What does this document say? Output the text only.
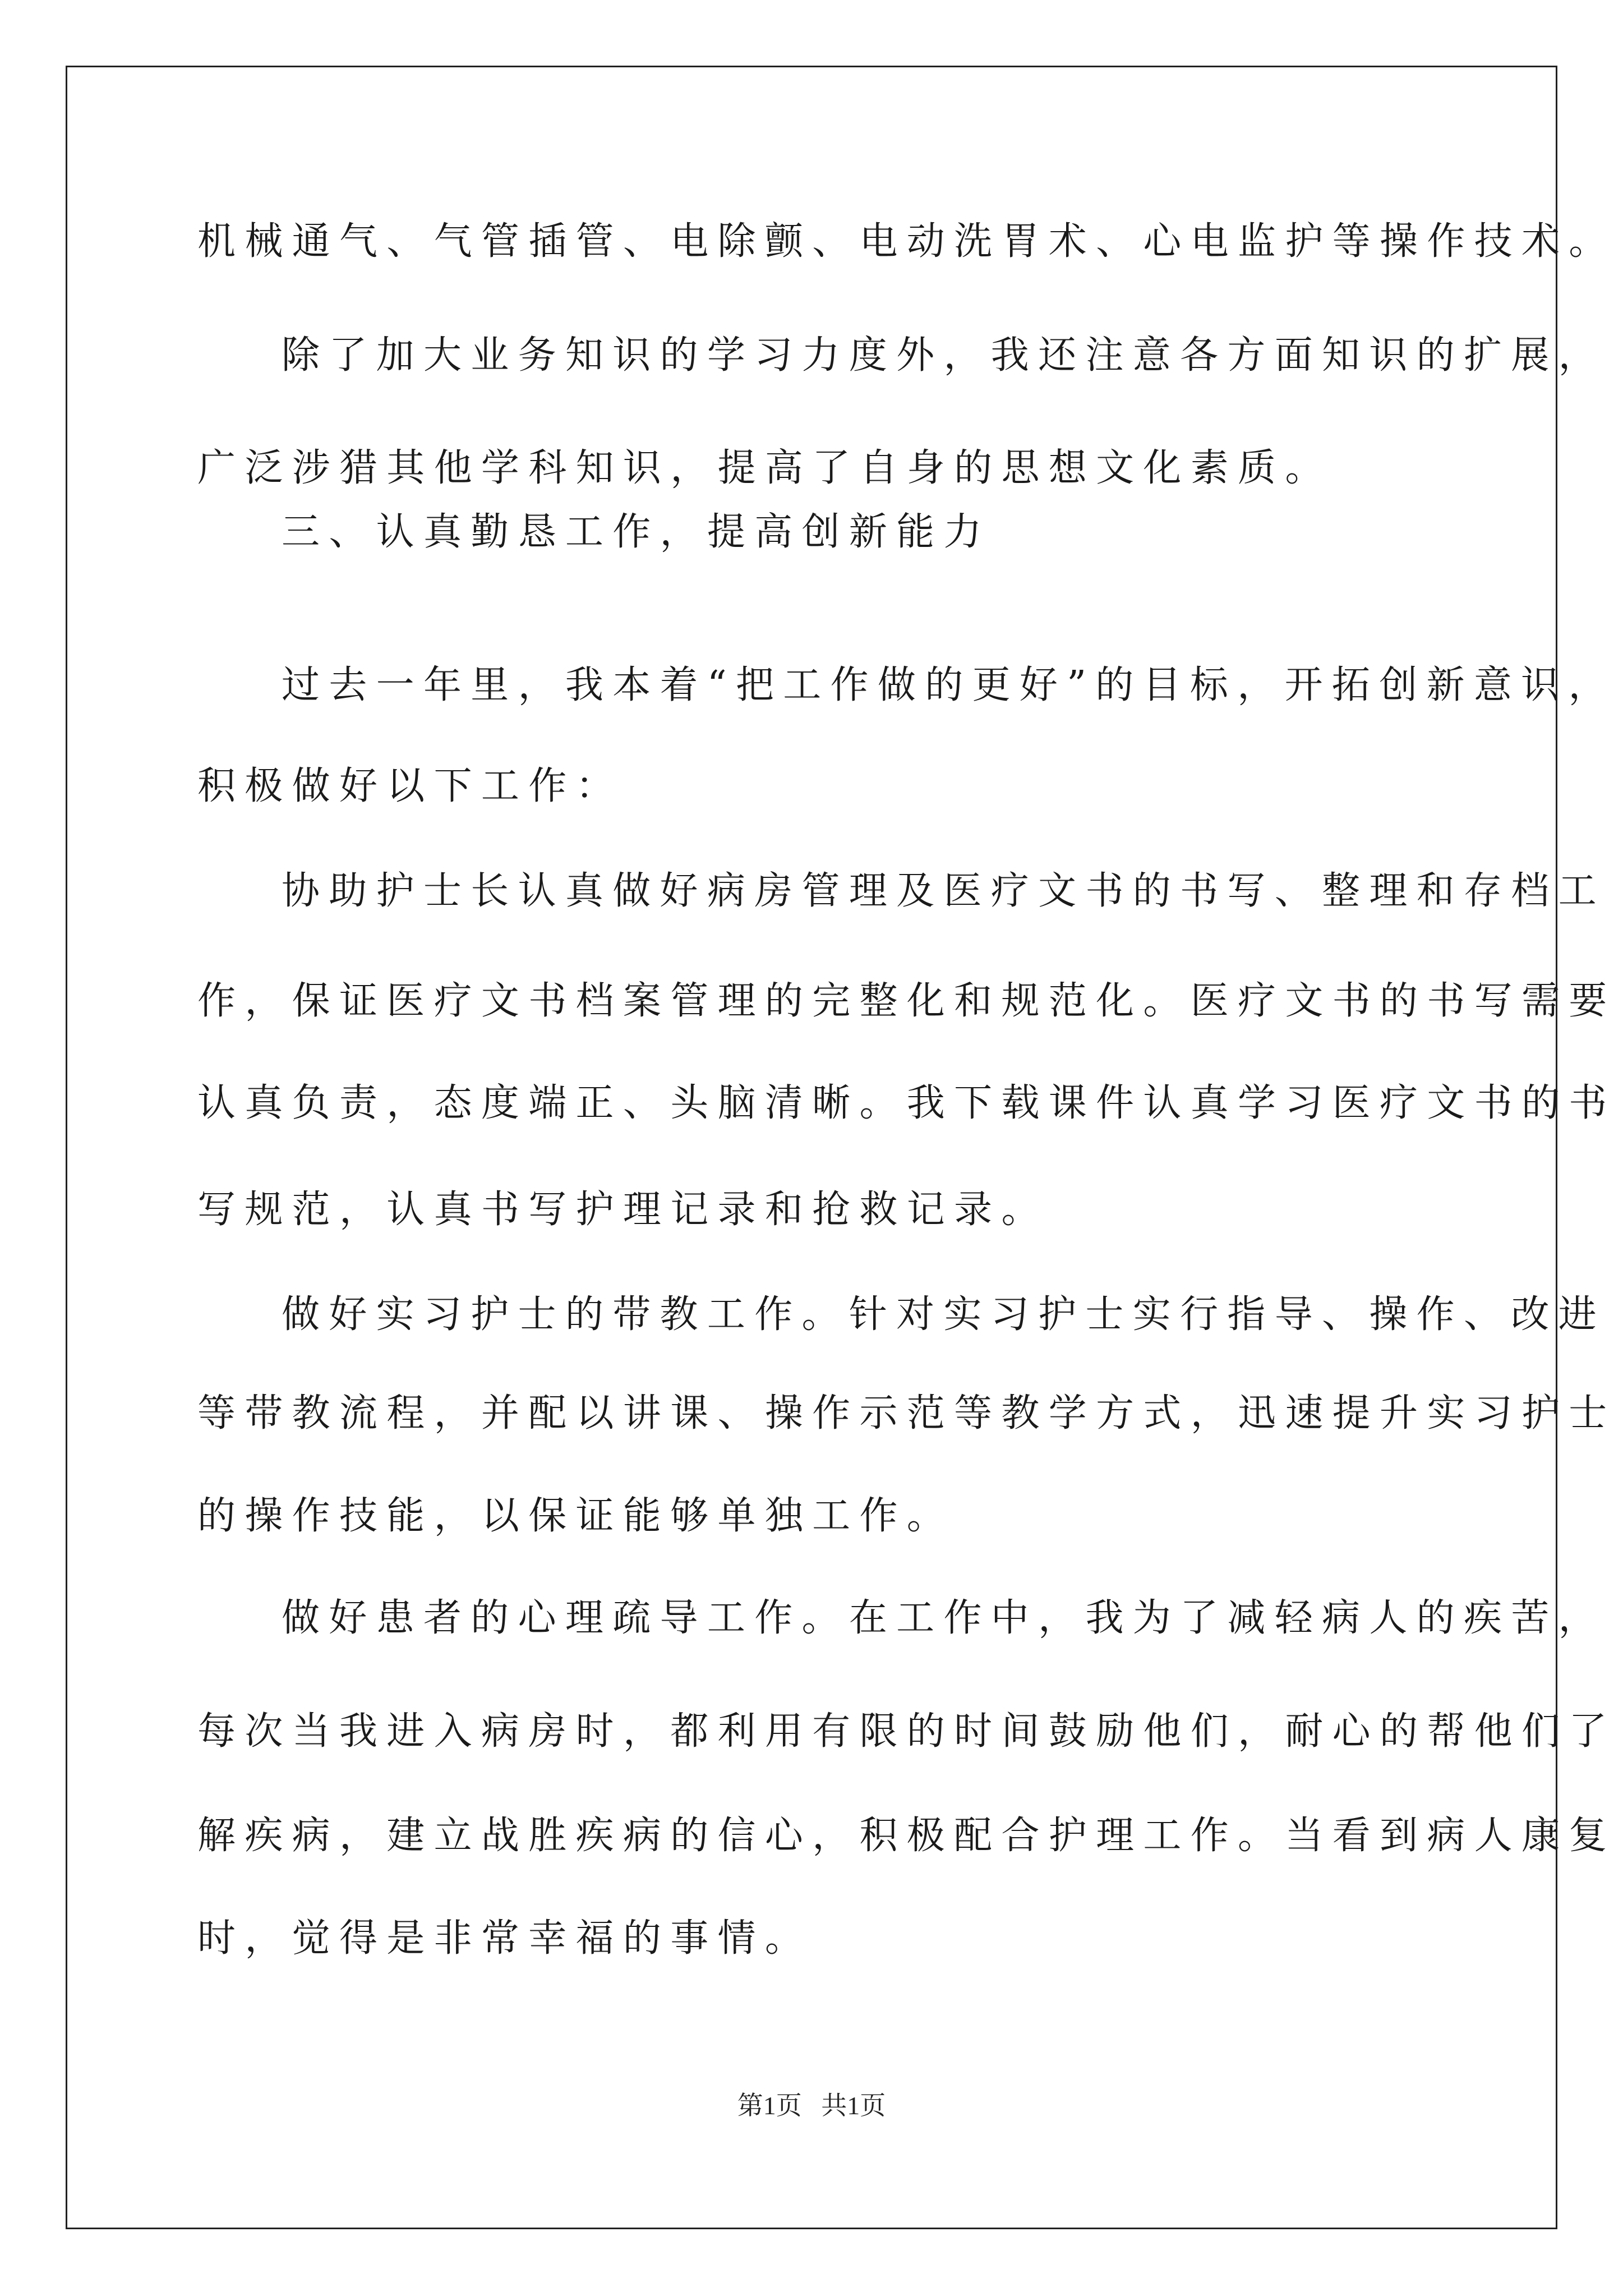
机械通气、气管插管、电除颤、电动洗胃术、心电监护等操作技术。

除了加大业务知识的学习力度外，我还注意各方面知识的扩展，

广泛涉猎其他学科知识，提高了自身的思想文化素质。

三、认真勤恳工作，提高创新能力

过去一年里，我本着“把工作做的更好”的目标，开拓创新意识，

积极做好以下工作：

协助护士长认真做好病房管理及医疗文书的书写、整理和存档工

作，保证医疗文书档案管理的完整化和规范化。医疗文书的书写需要

认真负责，态度端正、头脑清晰。我下载课件认真学习医疗文书的书

写规范，认真书写护理记录和抢救记录。

做好实习护士的带教工作。针对实习护士实行指导、操作、改进

等带教流程，并配以讲课、操作示范等教学方式，迅速提升实习护士

的操作技能，以保证能够单独工作。

做好患者的心理疏导工作。在工作中，我为了减轻病人的疾苦，

每次当我进入病房时，都利用有限的时间鼓励他们，耐心的帮他们了

解疾病，建立战胜疾病的信心，积极配合护理工作。当看到病人康复

时，觉得是非常幸福的事情。

第1页   共1页
